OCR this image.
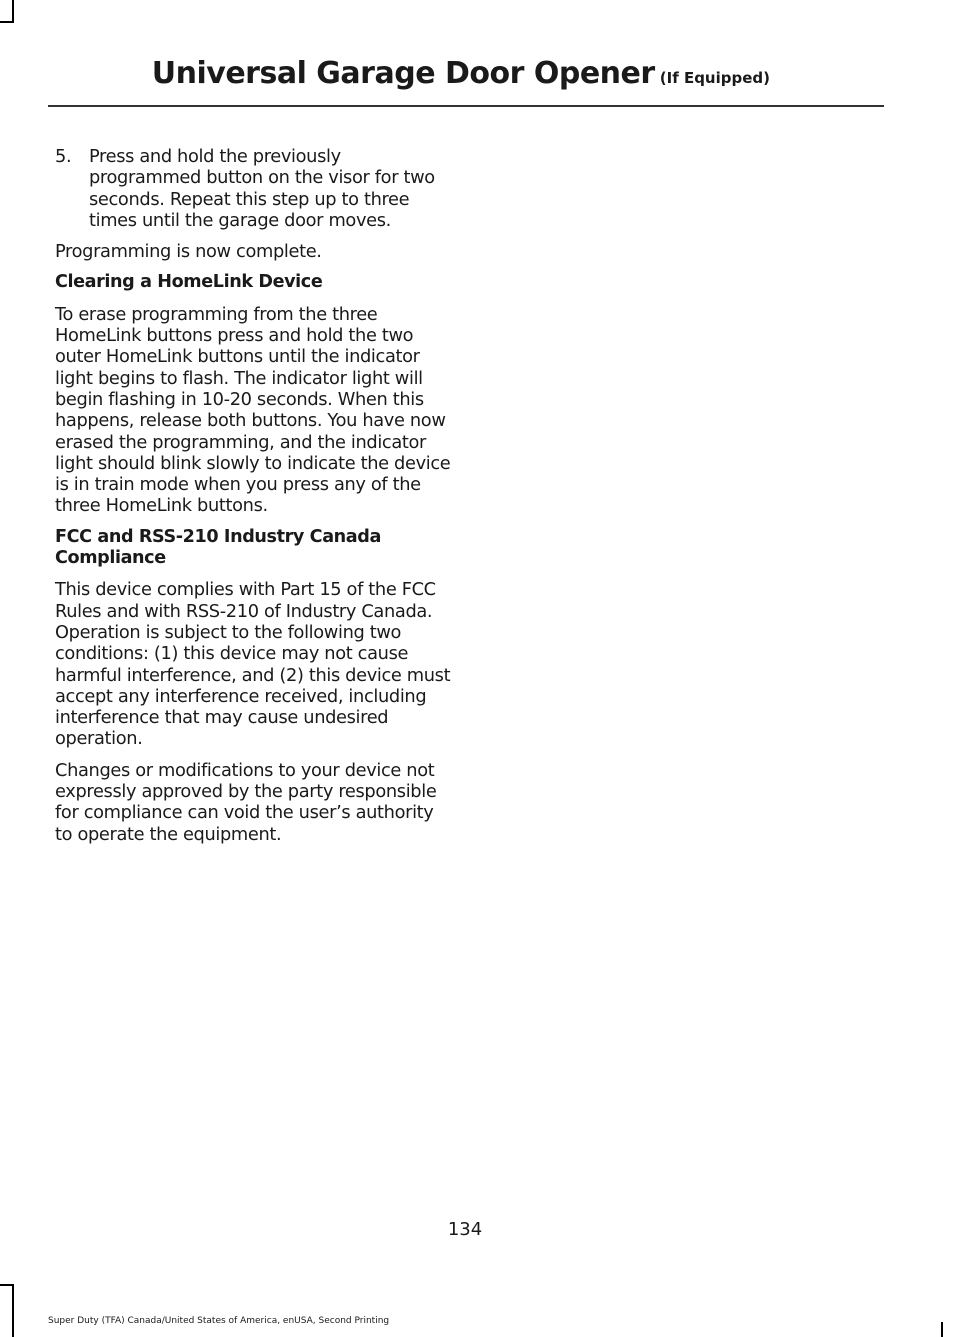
Universal Garage Door Opener (If Equipped)
5. Press and hold the previously programmed button on the visor for two seconds. Repeat this step up to three times until the garage door moves.

Programming is now complete.

Clearing a HomeLink Device

To erase programming from the three HomeLink buttons press and hold the two outer HomeLink buttons until the indicator light begins to flash. The indicator light will begin flashing in 10-20 seconds. When this happens, release both buttons. You have now erased the programming, and the indicator light should blink slowly to indicate the device is in train mode when you press any of the three HomeLink buttons.

FCC and RSS-210 Industry Canada Compliance

This device complies with Part 15 of the FCC Rules and with RSS-210 of Industry Canada. Operation is subject to the following two conditions: (1) this device may not cause harmful interference, and (2) this device must accept any interference received, including interference that may cause undesired operation.

Changes or modifications to your device not expressly approved by the party responsible for compliance can void the user’s authority to operate the equipment.

134
Super Duty (TFA) Canada/United States of America, enUSA, Second Printing
